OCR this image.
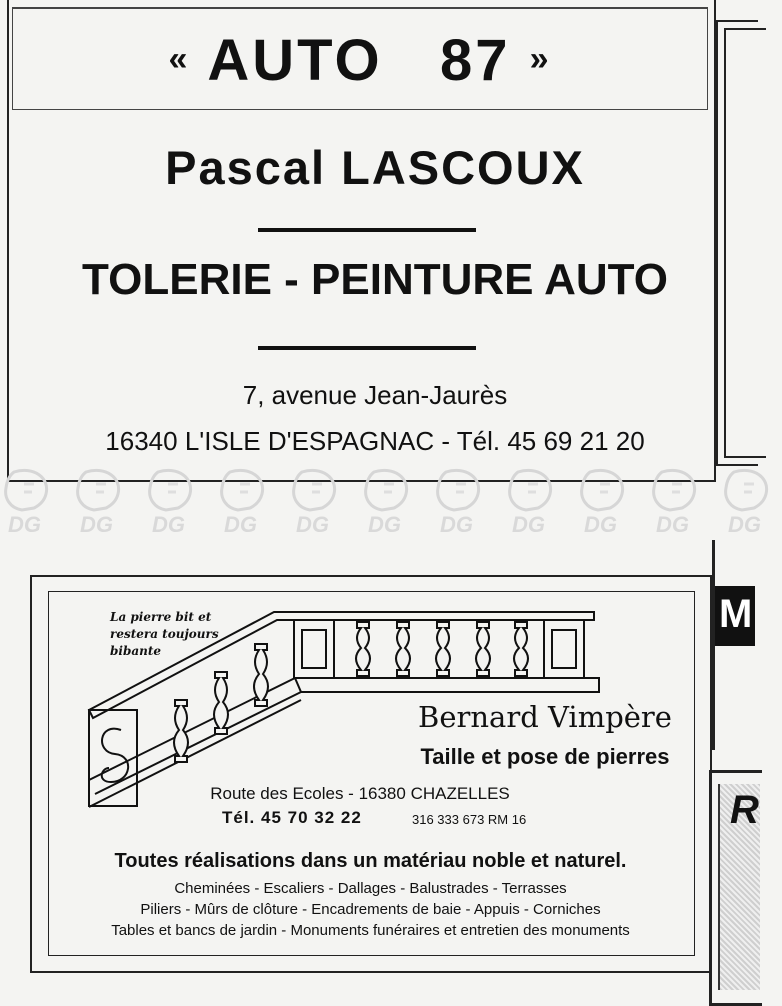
« AUTO   87 »
Pascal LASCOUX
TOLERIE - PEINTURE AUTO
7, avenue Jean-Jaurès
16340 L'ISLE D'ESPAGNAC - Tél. 45 69 21 20
DG DG DG DG DG DG DG DG DG DG DG
La pierre bit et
restera toujours
bibante
Bernard Vimpère
Taille et pose de pierres
Route des Ecoles - 16380 CHAZELLES
Tél. 45 70 32 22	316 333 673 RM 16
Toutes réalisations dans un matériau noble et naturel.
Cheminées - Escaliers - Dallages - Balustrades - Terrasses
Piliers - Mûrs de clôture - Encadrements de baie - Appuis - Corniches
Tables et bancs de jardin - Monuments funéraires et entretien des monuments
M
R
